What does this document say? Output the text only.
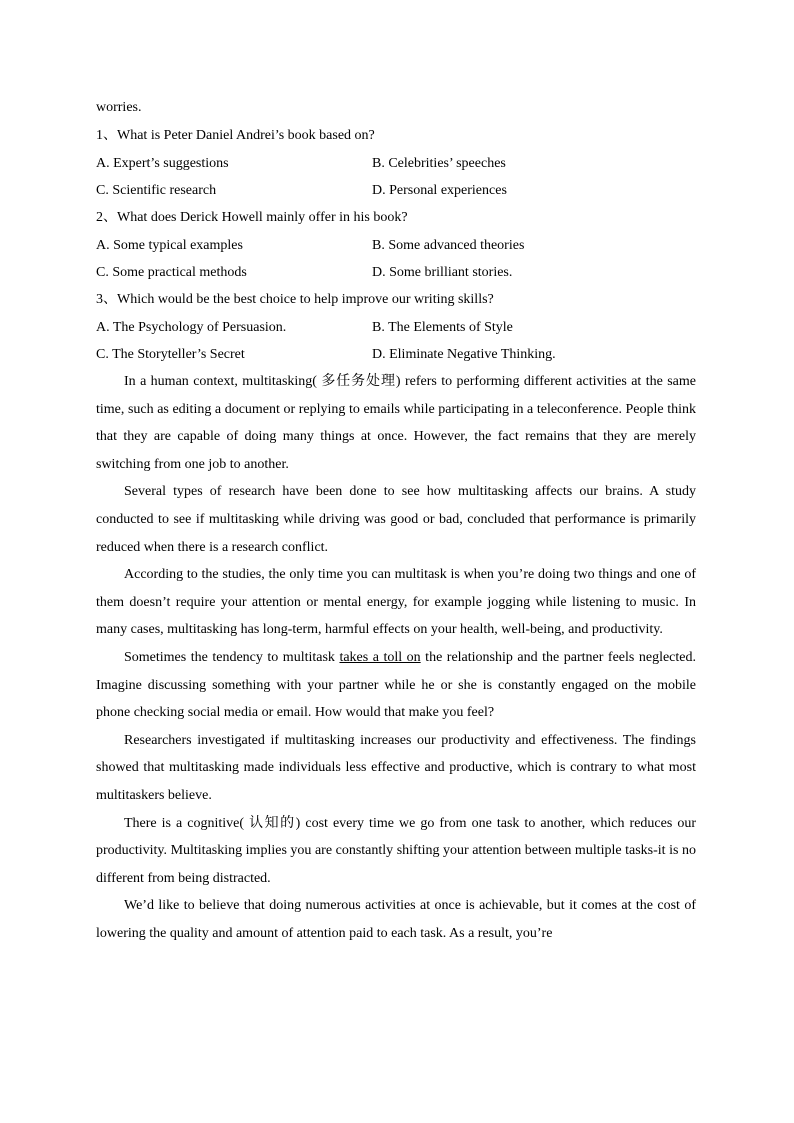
worries.
1、What is Peter Daniel Andrei’s book based on?
A. Expert’s suggestions	B. Celebrities’ speeches
C. Scientific research	D. Personal experiences
2、What does Derick Howell mainly offer in his book?
A. Some typical examples	B. Some advanced theories
C. Some practical methods	D. Some brilliant stories.
3、Which would be the best choice to help improve our writing skills?
A. The Psychology of Persuasion.	B. The Elements of Style
C. The Storyteller’s Secret	D. Eliminate Negative Thinking.

In a human context, multitasking( 多任务处理) refers to performing different activities at the same time, such as editing a document or replying to emails while participating in a teleconference. People think that they are capable of doing many things at once. However, the fact remains that they are merely switching from one job to another.

Several types of research have been done to see how multitasking affects our brains. A study conducted to see if multitasking while driving was good or bad, concluded that performance is primarily reduced when there is a research conflict.

According to the studies, the only time you can multitask is when you’re doing two things and one of them doesn’t require your attention or mental energy, for example jogging while listening to music. In many cases, multitasking has long-term, harmful effects on your health, well-being, and productivity.

Sometimes the tendency to multitask takes a toll on the relationship and the partner feels neglected. Imagine discussing something with your partner while he or she is constantly engaged on the mobile phone checking social media or email. How would that make you feel?

Researchers investigated if multitasking increases our productivity and effectiveness. The findings showed that multitasking made individuals less effective and productive, which is contrary to what most multitaskers believe.

There is a cognitive( 认知的) cost every time we go from one task to another, which reduces our productivity. Multitasking implies you are constantly shifting your attention between multiple tasks-it is no different from being distracted.

We’d like to believe that doing numerous activities at once is achievable, but it comes at the cost of lowering the quality and amount of attention paid to each task. As a result, you’re
